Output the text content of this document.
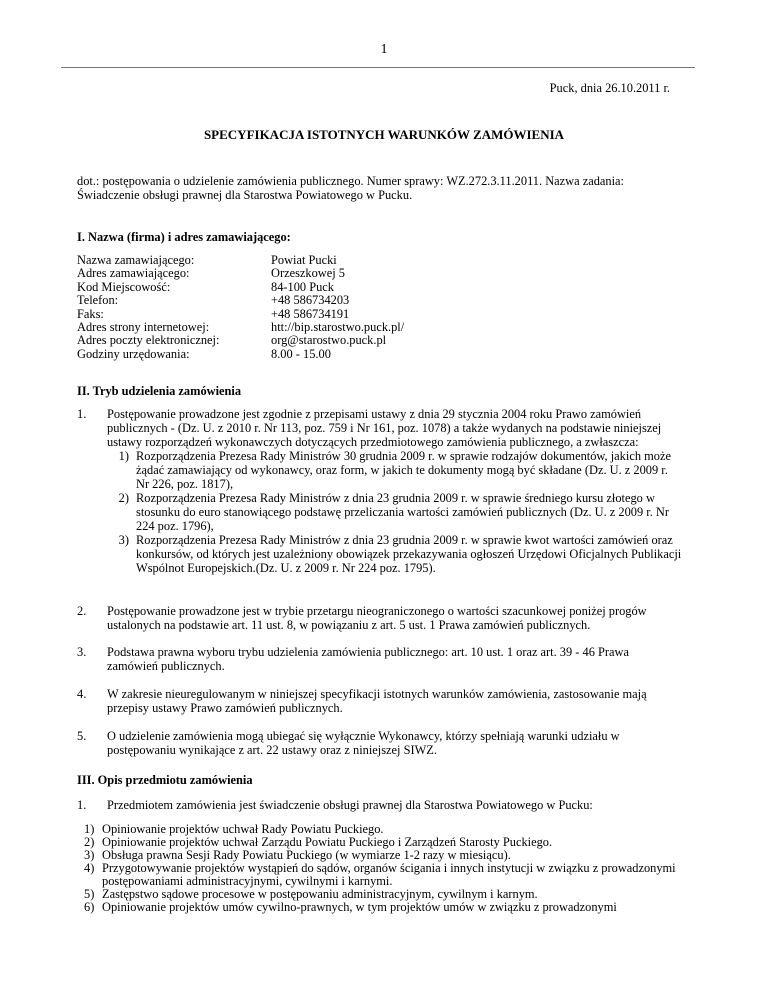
1
Puck, dnia 26.10.2011 r.
SPECYFIKACJA ISTOTNYCH WARUNKÓW ZAMÓWIENIA
dot.: postępowania o udzielenie zamówienia publicznego. Numer sprawy: WZ.272.3.11.2011. Nazwa zadania: Świadczenie obsługi prawnej dla Starostwa Powiatowego w Pucku.
I. Nazwa (firma) i adres zamawiającego:
Nazwa zamawiającego:	Powiat Pucki
Adres zamawiającego:	Orzeszkowej 5
Kod Miejscowość:	84-100 Puck
Telefon:	+48 586734203
Faks:	+48 586734191
Adres strony internetowej:	htt://bip.starostwo.puck.pl/
Adres poczty elektronicznej:	org@starostwo.puck.pl
Godziny urzędowania:	8.00 - 15.00
II. Tryb udzielenia zamówienia
1.	Postępowanie prowadzone jest zgodnie z przepisami ustawy z dnia 29 stycznia 2004 roku Prawo zamówień publicznych - (Dz. U. z 2010 r. Nr 113, poz. 759 i Nr 161, poz. 1078) a także wydanych na podstawie niniejszej ustawy rozporządzeń wykonawczych dotyczących przedmiotowego zamówienia publicznego, a zwłaszcza:
1) Rozporządzenia Prezesa Rady Ministrów 30 grudnia 2009 r. w sprawie rodzajów dokumentów, jakich może żądać zamawiający od wykonawcy, oraz form, w jakich te dokumenty mogą być składane (Dz. U. z 2009 r. Nr 226, poz. 1817),
2) Rozporządzenia Prezesa Rady Ministrów z dnia 23 grudnia 2009 r. w sprawie średniego kursu złotego w stosunku do euro stanowiącego podstawę przeliczania wartości zamówień publicznych (Dz. U. z 2009 r. Nr 224 poz. 1796),
3) Rozporządzenia Prezesa Rady Ministrów z dnia 23 grudnia 2009 r. w sprawie kwot wartości zamówień oraz konkursów, od których jest uzależniony obowiązek przekazywania ogłoszeń Urzędowi Oficjalnych Publikacji Wspólnot Europejskich.(Dz. U. z 2009 r. Nr 224 poz. 1795).
2.	Postępowanie prowadzone jest w trybie przetargu nieograniczonego o wartości szacunkowej poniżej progów ustalonych na podstawie art. 11 ust. 8, w powiązaniu z art. 5 ust. 1 Prawa zamówień publicznych.
3.	Podstawa prawna wyboru trybu udzielenia zamówienia publicznego: art. 10 ust. 1 oraz art. 39 - 46 Prawa zamówień publicznych.
4.	W zakresie nieuregulowanym w niniejszej specyfikacji istotnych warunków zamówienia, zastosowanie mają przepisy ustawy Prawo zamówień publicznych.
5.	O udzielenie zamówienia mogą ubiegać się wyłącznie Wykonawcy, którzy spełniają warunki udziału w postępowaniu wynikające z art. 22 ustawy oraz z niniejszej SIWZ.
III. Opis przedmiotu zamówienia
1.	Przedmiotem zamówienia jest świadczenie obsługi prawnej dla Starostwa Powiatowego w Pucku:
1) Opiniowanie projektów uchwał Rady Powiatu Puckiego.
2) Opiniowanie projektów uchwał Zarządu Powiatu Puckiego i Zarządzeń Starosty Puckiego.
3) Obsługa prawna Sesji Rady Powiatu Puckiego (w wymiarze 1-2 razy w miesiącu).
4) Przygotowywanie projektów wystąpień do sądów, organów ścigania i innych instytucji w związku z prowadzonymi postępowaniami administracyjnymi, cywilnymi i karnymi.
5) Zastępstwo sądowe procesowe w postępowaniu administracyjnym, cywilnym i karnym.
6) Opiniowanie projektów umów cywilno-prawnych, w tym projektów umów w związku z prowadzonymi
